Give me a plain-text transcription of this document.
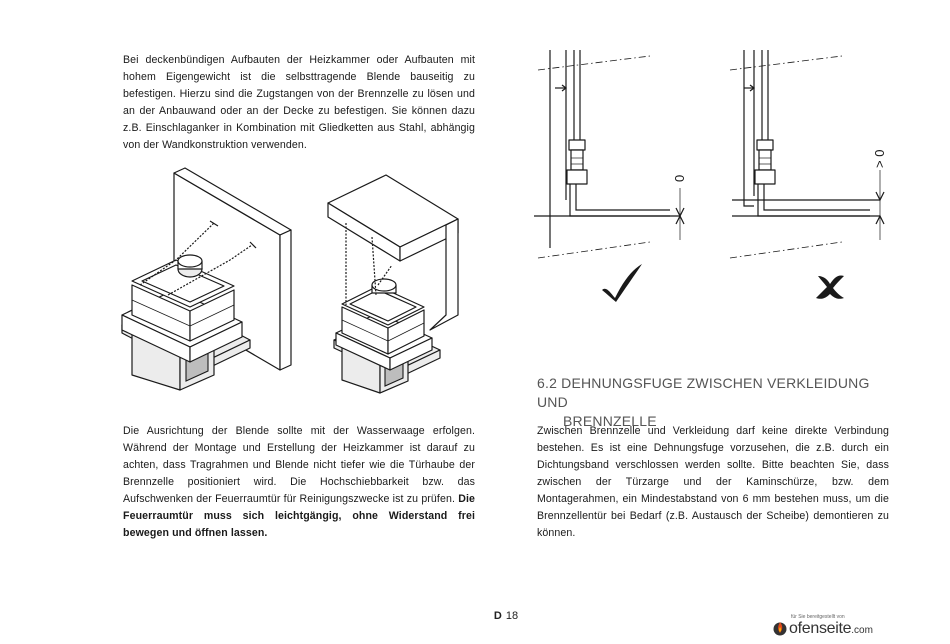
Bei deckenbündigen Aufbauten der Heizkammer oder Aufbauten mit hohem Eigengewicht ist die selbsttragende Blende bauseitig zu befestigen. Hierzu sind die Zugstangen von der Brennzelle zu lösen und an der Anbauwand oder an der Decke zu befestigen. Sie können dazu z.B. Einschlaganker in Kombination mit Gliedketten aus Stahl, abhängig von der Wandkonstruktion verwenden.

Die Ausrichtung der Blende sollte mit der Wasserwaage erfolgen. Während der Montage und Erstellung der Heizkammer ist darauf zu achten, dass Tragrahmen und Blende nicht tiefer wie die Türhaube der Brennzelle positioniert wird. Die Hochschiebbarkeit bzw. das Aufschwenken der Feuerraumtür für Reinigungszwecke ist zu prüfen. Die Feuerraumtür muss sich leichtgängig, ohne Widerstand frei bewegen und öffnen lassen.

0
> 0
6.2 DEHNUNGSFUGE ZWISCHEN VERKLEIDUNG UND
BRENNZELLE

Zwischen Brennzelle und Verkleidung darf keine direkte Verbindung bestehen. Es ist eine Dehnungsfuge vorzusehen, die z.B. durch ein Dichtungsband verschlossen werden sollte. Bitte beachten Sie, dass zwischen der Türzarge und der Kaminschürze, bzw. dem Montagerahmen, ein Mindestabstand von 6 mm bestehen muss, um die Brennzellentür bei Bedarf (z.B. Austausch der Scheibe) demontieren zu können.

D 18	für Sie bereitgestellt von
ofenseite.com
